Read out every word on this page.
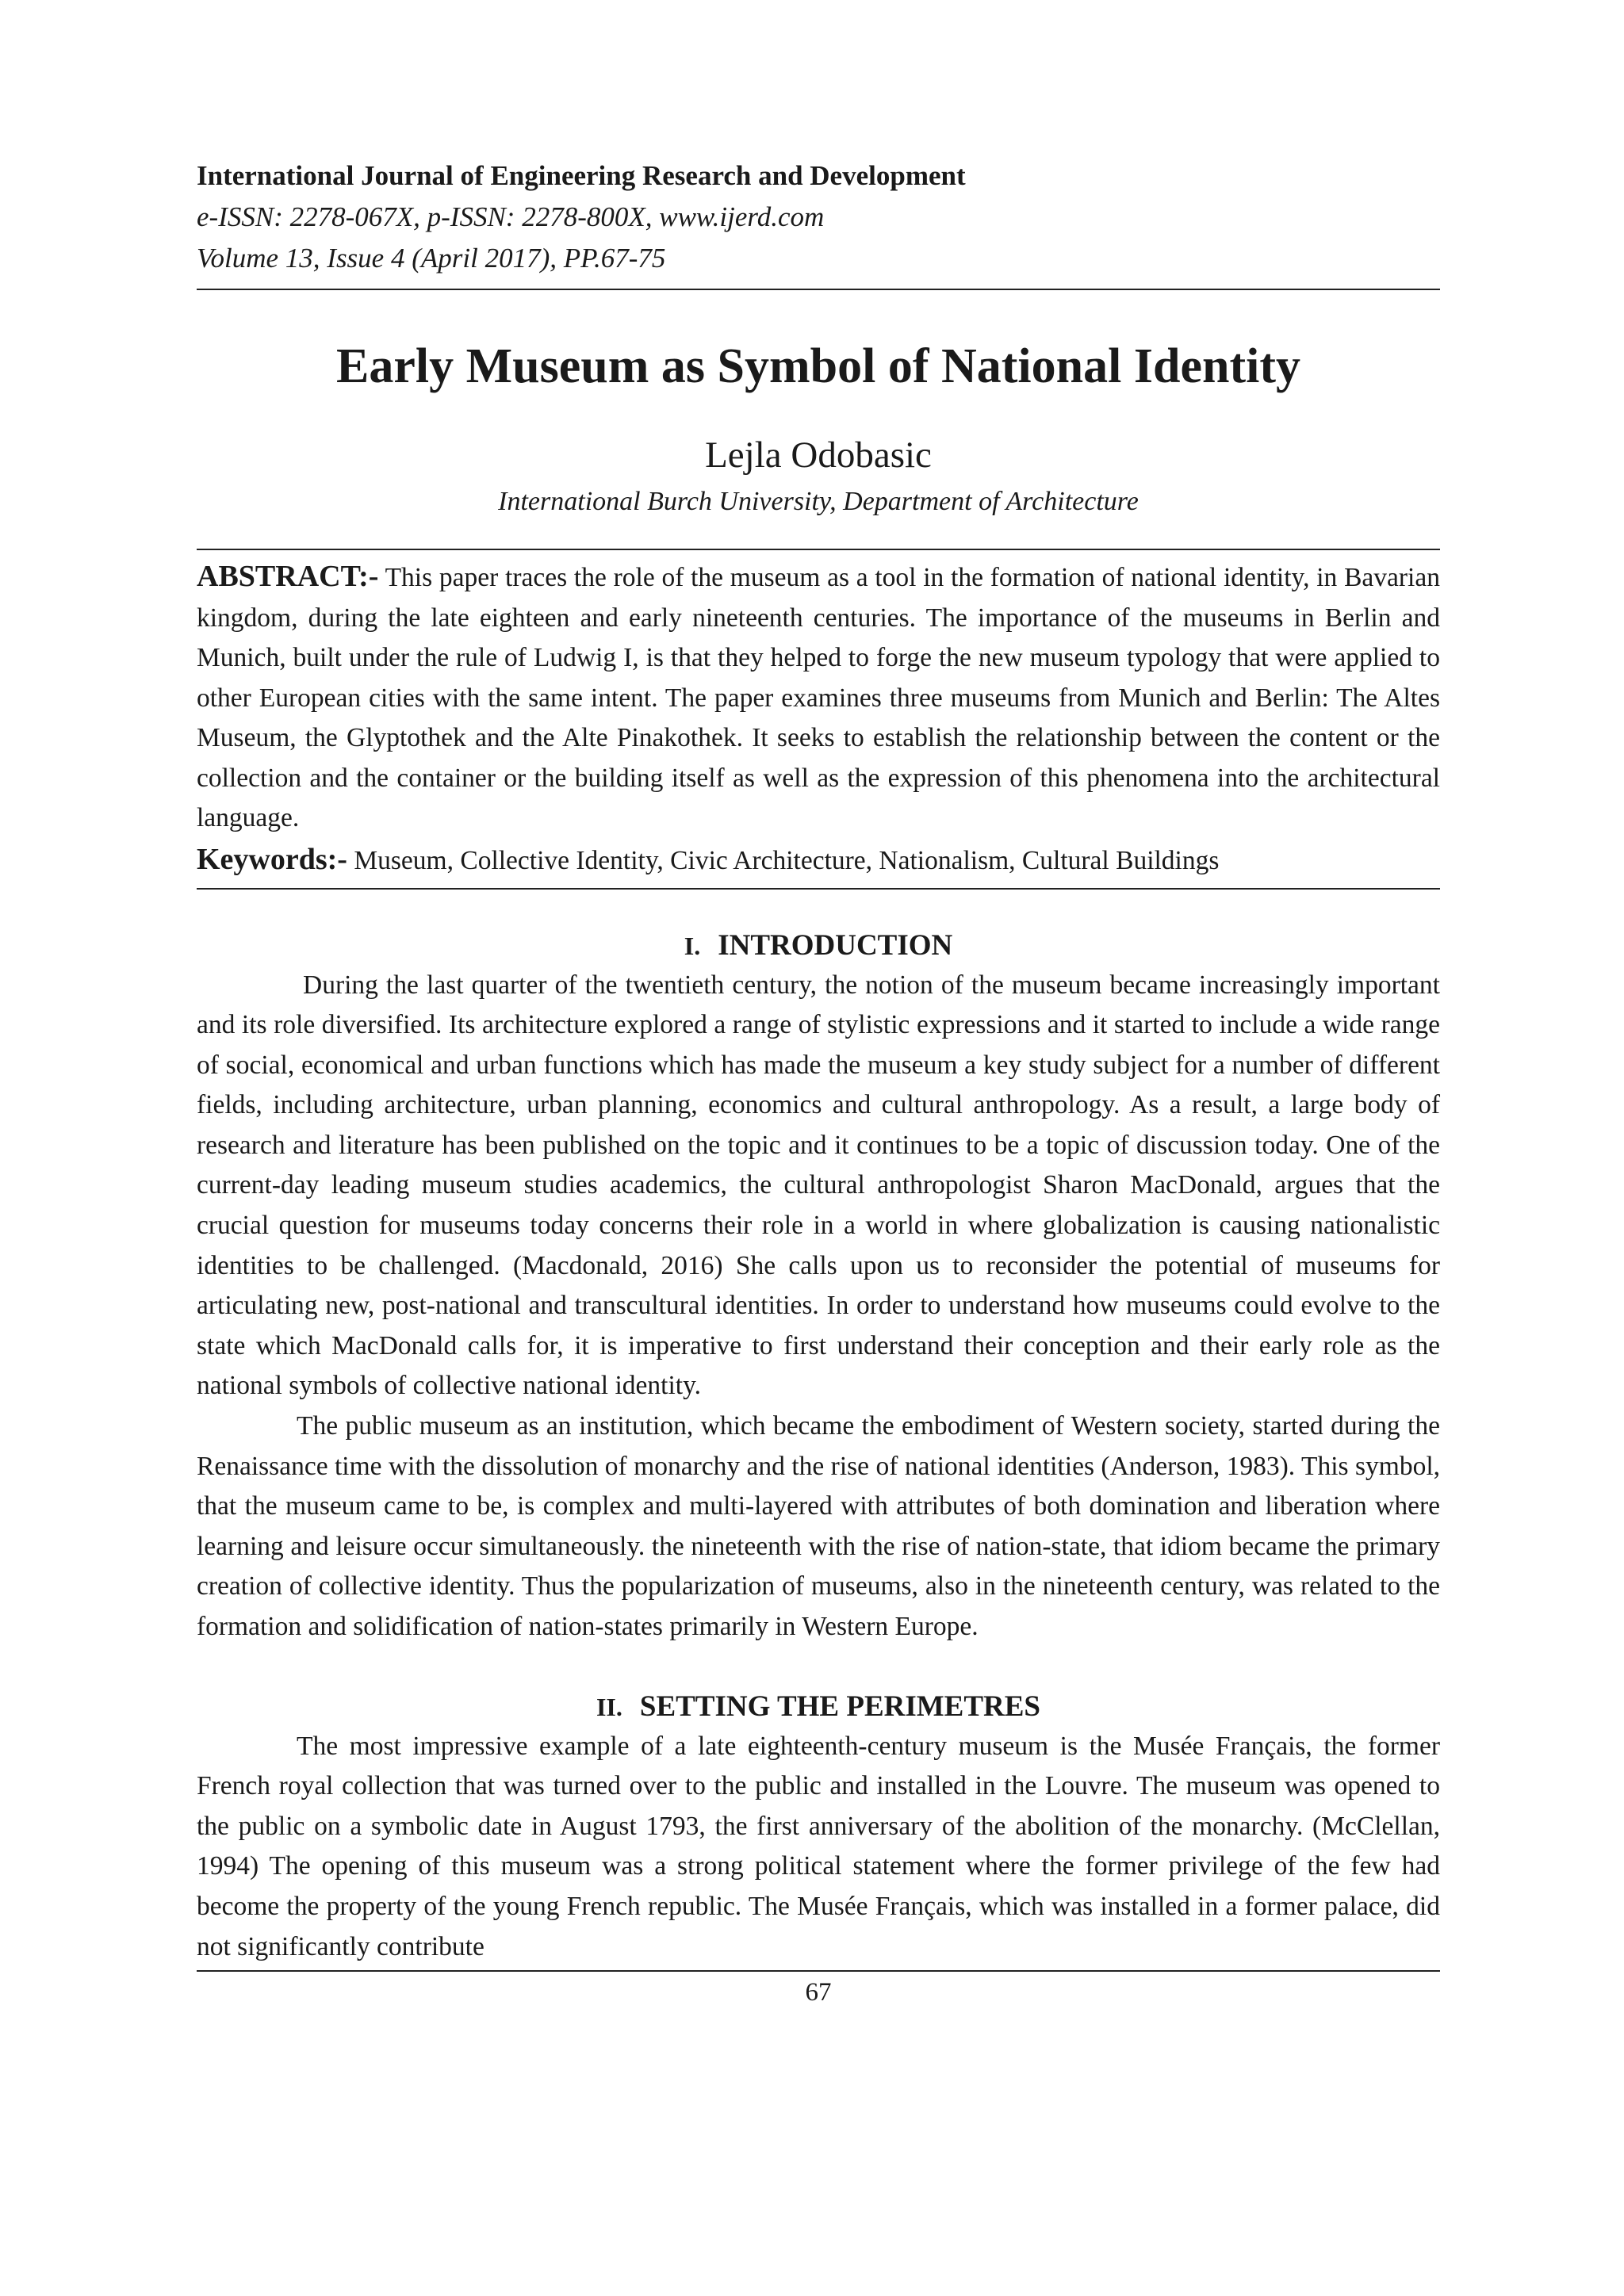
International Journal of Engineering Research and Development
e-ISSN: 2278-067X, p-ISSN: 2278-800X, www.ijerd.com
Volume 13, Issue 4 (April 2017), PP.67-75
Early Museum as Symbol of National Identity
Lejla Odobasic
International Burch University, Department of Architecture
ABSTRACT:- This paper traces the role of the museum as a tool in the formation of national identity, in Bavarian kingdom, during the late eighteen and early nineteenth centuries. The importance of the museums in Berlin and Munich, built under the rule of Ludwig I, is that they helped to forge the new museum typology that were applied to other European cities with the same intent. The paper examines three museums from Munich and Berlin: The Altes Museum, the Glyptothek and the Alte Pinakothek. It seeks to establish the relationship between the content or the collection and the container or the building itself as well as the expression of this phenomena into the architectural language.
Keywords:- Museum, Collective Identity, Civic Architecture, Nationalism, Cultural Buildings
I. INTRODUCTION

During the last quarter of the twentieth century, the notion of the museum became increasingly important and its role diversified. Its architecture explored a range of stylistic expressions and it started to include a wide range of social, economical and urban functions which has made the museum a key study subject for a number of different fields, including architecture, urban planning, economics and cultural anthropology. As a result, a large body of research and literature has been published on the topic and it continues to be a topic of discussion today. One of the current-day leading museum studies academics, the cultural anthropologist Sharon MacDonald, argues that the crucial question for museums today concerns their role in a world in where globalization is causing nationalistic identities to be challenged. (Macdonald, 2016) She calls upon us to reconsider the potential of museums for articulating new, post-national and transcultural identities. In order to understand how museums could evolve to the state which MacDonald calls for, it is imperative to first understand their conception and their early role as the national symbols of collective national identity.

The public museum as an institution, which became the embodiment of Western society, started during the Renaissance time with the dissolution of monarchy and the rise of national identities (Anderson, 1983). This symbol, that the museum came to be, is complex and multi-layered with attributes of both domination and liberation where learning and leisure occur simultaneously. the nineteenth with the rise of nation-state, that idiom became the primary creation of collective identity. Thus the popularization of museums, also in the nineteenth century, was related to the formation and solidification of nation-states primarily in Western Europe.

II. SETTING THE PERIMETRES

The most impressive example of a late eighteenth-century museum is the Musée Français, the former French royal collection that was turned over to the public and installed in the Louvre. The museum was opened to the public on a symbolic date in August 1793, the first anniversary of the abolition of the monarchy. (McClellan, 1994) The opening of this museum was a strong political statement where the former privilege of the few had become the property of the young French republic. The Musée Français, which was installed in a former palace, did not significantly contribute

67
